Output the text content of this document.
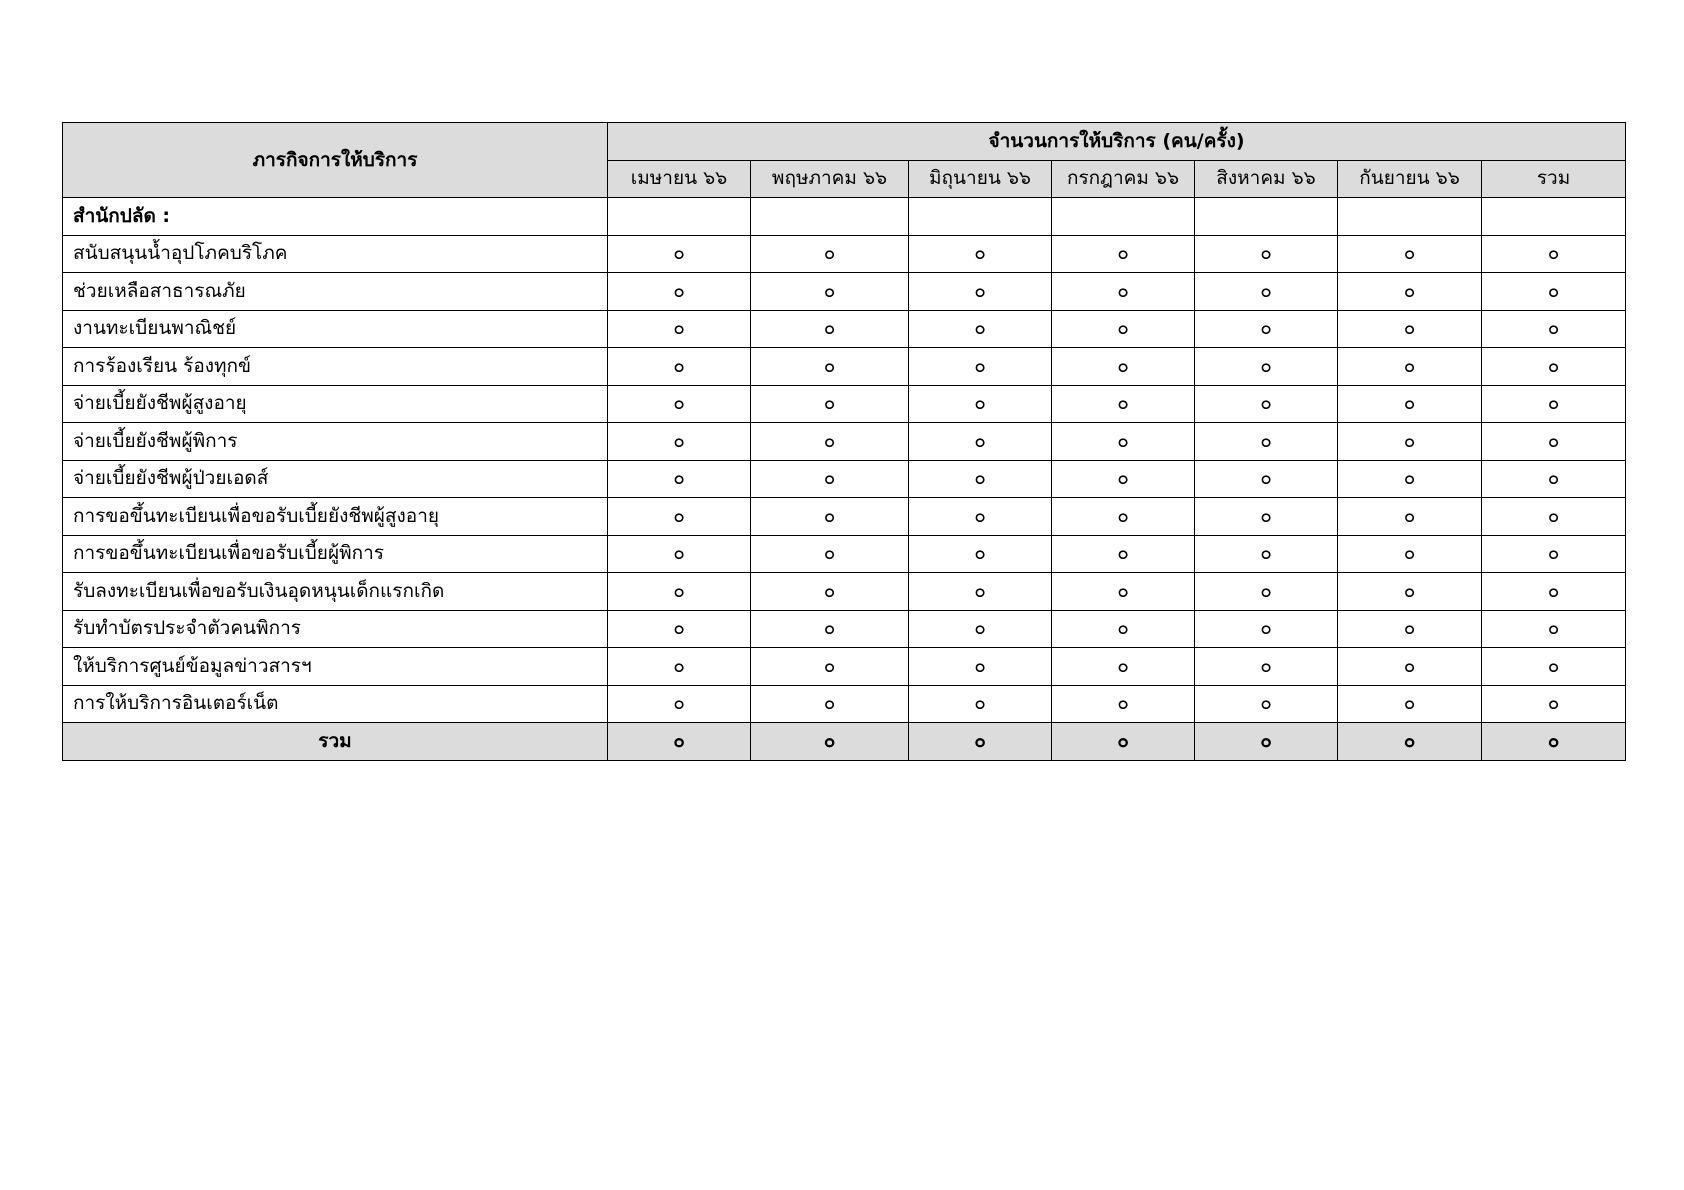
ภารกิจการให้บริการ	จำนวนการให้บริการ (คน/ครั้ง)						
	เมษายน ๖๖	พฤษภาคม ๖๖	มิถุนายน ๖๖	กรกฎาคม ๖๖	สิงหาคม ๖๖	กันยายน ๖๖	รวม
สำนักปลัด :							
สนับสนุนน้ำอุปโภคบริโภค	๐	๐	๐	๐	๐	๐	๐
ช่วยเหลือสาธารณภัย	๐	๐	๐	๐	๐	๐	๐
งานทะเบียนพาณิชย์	๐	๐	๐	๐	๐	๐	๐
การร้องเรียน ร้องทุกข์	๐	๐	๐	๐	๐	๐	๐
จ่ายเบี้ยยังชีพผู้สูงอายุ	๐	๐	๐	๐	๐	๐	๐
จ่ายเบี้ยยังชีพผู้พิการ	๐	๐	๐	๐	๐	๐	๐
จ่ายเบี้ยยังชีพผู้ป่วยเอดส์	๐	๐	๐	๐	๐	๐	๐
การขอขึ้นทะเบียนเพื่อขอรับเบี้ยยังชีพผู้สูงอายุ	๐	๐	๐	๐	๐	๐	๐
การขอขึ้นทะเบียนเพื่อขอรับเบี้ยผู้พิการ	๐	๐	๐	๐	๐	๐	๐
รับลงทะเบียนเพื่อขอรับเงินอุดหนุนเด็กแรกเกิด	๐	๐	๐	๐	๐	๐	๐
รับทำบัตรประจำตัวคนพิการ	๐	๐	๐	๐	๐	๐	๐
ให้บริการศูนย์ข้อมูลข่าวสารฯ	๐	๐	๐	๐	๐	๐	๐
การให้บริการอินเตอร์เน็ต	๐	๐	๐	๐	๐	๐	๐
รวม	๐	๐	๐	๐	๐	๐	๐
